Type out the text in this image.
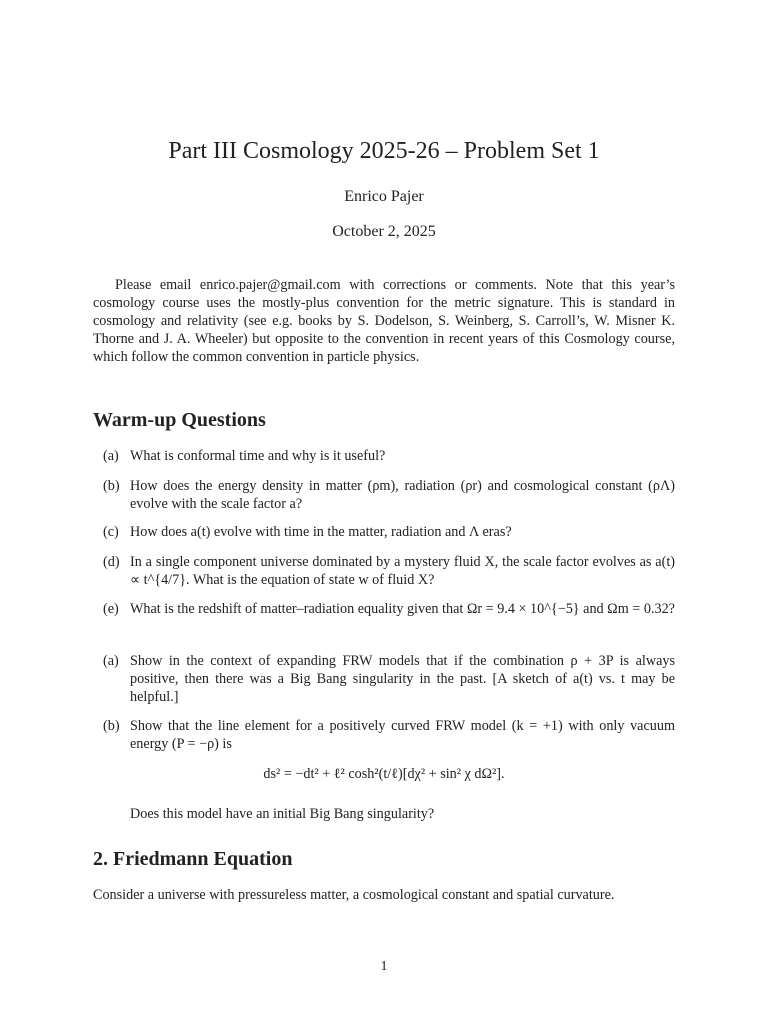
Part III Cosmology 2025-26 – Problem Set 1
Enrico Pajer
October 2, 2025

Please email enrico.pajer@gmail.com with corrections or comments. Note that this year’s cosmology course uses the mostly-plus convention for the metric signature. This is standard in cosmology and relativity (see e.g. books by S. Dodelson, S. Weinberg, S. Carroll’s, W. Misner K. Thorne and J. A. Wheeler) but opposite to the convention in recent years of this Cosmology course, which follow the common convention in particle physics.

Warm-up Questions
(a) What is conformal time and why is it useful?
(b) How does the energy density in matter (ρm), radiation (ρr) and cosmological constant (ρΛ) evolve with the scale factor a?
(c) How does a(t) evolve with time in the matter, radiation and Λ eras?
(d) In a single component universe dominated by a mystery fluid X, the scale factor evolves as a(t) ∝ t^{4/7}. What is the equation of state w of fluid X?
(e) What is the redshift of matter–radiation equality given that Ωr = 9.4 × 10^{−5} and Ωm = 0.32?
(a) Show in the context of expanding FRW models that if the combination ρ + 3P is always positive, then there was a Big Bang singularity in the past. [A sketch of a(t) vs. t may be helpful.]
(b) Show that the line element for a positively curved FRW model (k = +1) with only vacuum energy (P = −ρ) is
ds² = −dt² + ℓ² cosh²(t/ℓ)[dχ² + sin² χ dΩ²].
Does this model have an initial Big Bang singularity?
2. Friedmann Equation

Consider a universe with pressureless matter, a cosmological constant and spatial curvature.

1
